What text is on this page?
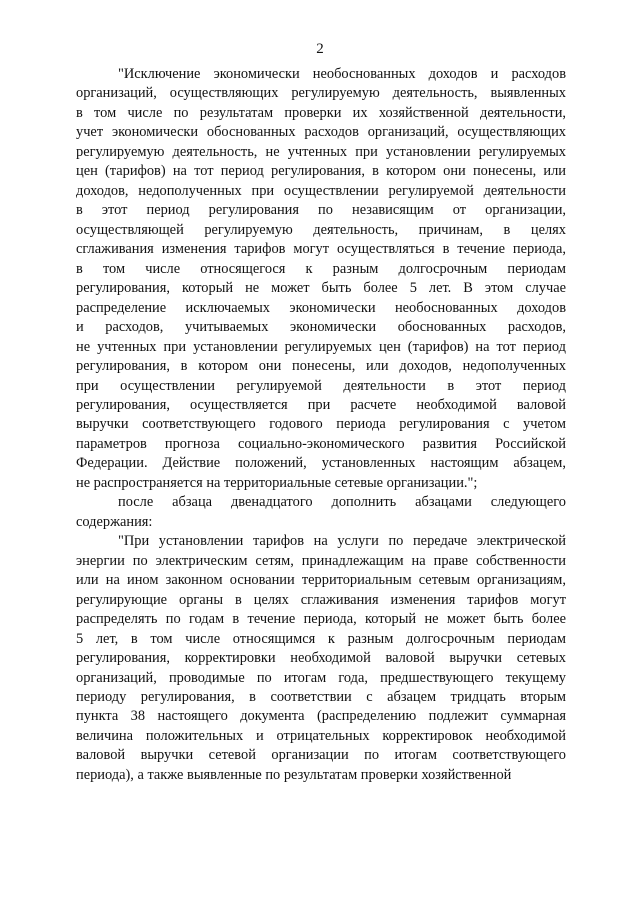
2
"Исключение экономически необоснованных доходов и расходов
организаций, осуществляющих регулируемую деятельность, выявленных
в том числе по результатам проверки их хозяйственной деятельности,
учет экономически обоснованных расходов организаций, осуществляющих
регулируемую деятельность, не учтенных при установлении регулируемых
цен (тарифов) на тот период регулирования, в котором они понесены, или
доходов, недополученных при осуществлении регулируемой деятельности
в этот период регулирования по независящим от организации,
осуществляющей регулируемую деятельность, причинам, в целях
сглаживания изменения тарифов могут осуществляться в течение периода,
в том числе относящегося к разным долгосрочным периодам
регулирования, который не может быть более 5 лет. В этом случае
распределение исключаемых экономически необоснованных доходов
и расходов, учитываемых экономически обоснованных расходов,
не учтенных при установлении регулируемых цен (тарифов) на тот период
регулирования, в котором они понесены, или доходов, недополученных
при осуществлении регулируемой деятельности в этот период
регулирования, осуществляется при расчете необходимой валовой
выручки соответствующего годового периода регулирования с учетом
параметров прогноза социально-экономического развития Российской
Федерации. Действие положений, установленных настоящим абзацем,
не распространяется на территориальные сетевые организации.";
после абзаца двенадцатого дополнить абзацами следующего
содержания:
"При установлении тарифов на услуги по передаче электрической
энергии по электрическим сетям, принадлежащим на праве собственности
или на ином законном основании территориальным сетевым организациям,
регулирующие органы в целях сглаживания изменения тарифов могут
распределять по годам в течение периода, который не может быть более
5 лет, в том числе относящимся к разным долгосрочным периодам
регулирования, корректировки необходимой валовой выручки сетевых
организаций, проводимые по итогам года, предшествующего текущему
периоду регулирования, в соответствии с абзацем тридцать вторым
пункта 38 настоящего документа (распределению подлежит суммарная
величина положительных и отрицательных корректировок необходимой
валовой выручки сетевой организации по итогам соответствующего
периода), а также выявленные по результатам проверки хозяйственной
